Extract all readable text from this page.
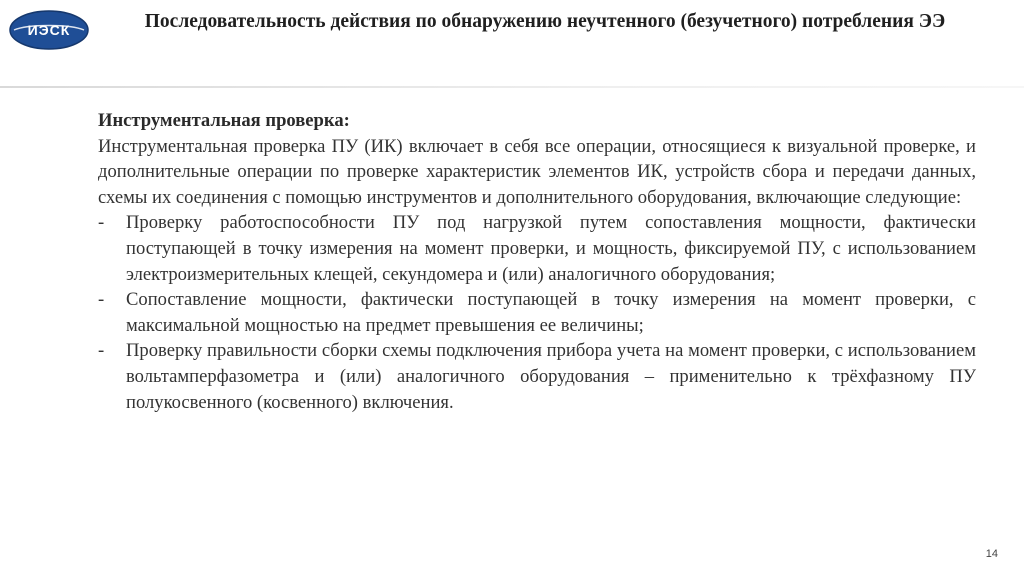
ИЭСК	Последовательность действия по обнаружению неучтенного (безучетного) потребления ЭЭ

Инструментальная проверка:

Инструментальная проверка ПУ (ИК) включает в себя все операции, относящиеся к визуальной проверке, и дополнительные операции по проверке характеристик элементов ИК, устройств сбора и передачи данных, схемы их соединения с помощью инструментов и дополнительного оборудования, включающие следующие:

- Проверку работоспособности ПУ под нагрузкой путем сопоставления мощности, фактически поступающей в точку измерения на момент проверки, и мощность, фиксируемой ПУ, с использованием электроизмерительных клещей, секундомера и (или) аналогичного оборудования;
- Сопоставление мощности, фактически поступающей в точку измерения на момент проверки, с максимальной мощностью на предмет превышения ее величины;
- Проверку правильности сборки схемы подключения прибора учета на момент проверки, с использованием вольтамперфазометра и (или) аналогичного оборудования – применительно к трёхфазному ПУ полукосвенного (косвенного) включения.
14
